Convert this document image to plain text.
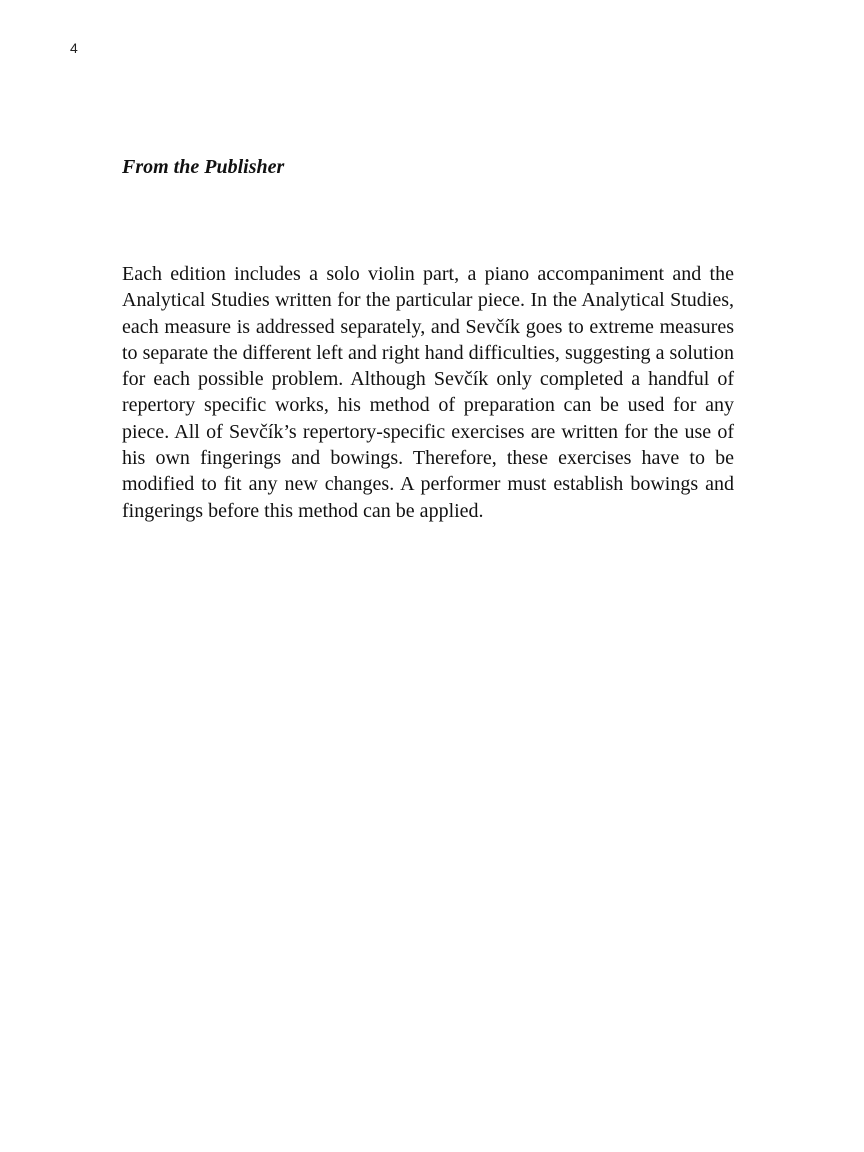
4
From the Publisher

Each edition includes a solo violin part, a piano accompaniment and the Analytical Studies written for the particular piece. In the Analytical Studies, each measure is addressed separately, and Sevčík goes to extreme measures to separate the different left and right hand difficulties, suggesting a solution for each possible problem. Although Sevčík only completed a handful of repertory specific works, his method of preparation can be used for any piece. All of Sevčík’s repertory-specific exercises are written for the use of his own fingerings and bowings. Therefore, these exercises have to be modified to fit any new changes. A performer must establish bowings and fingerings before this method can be applied.
